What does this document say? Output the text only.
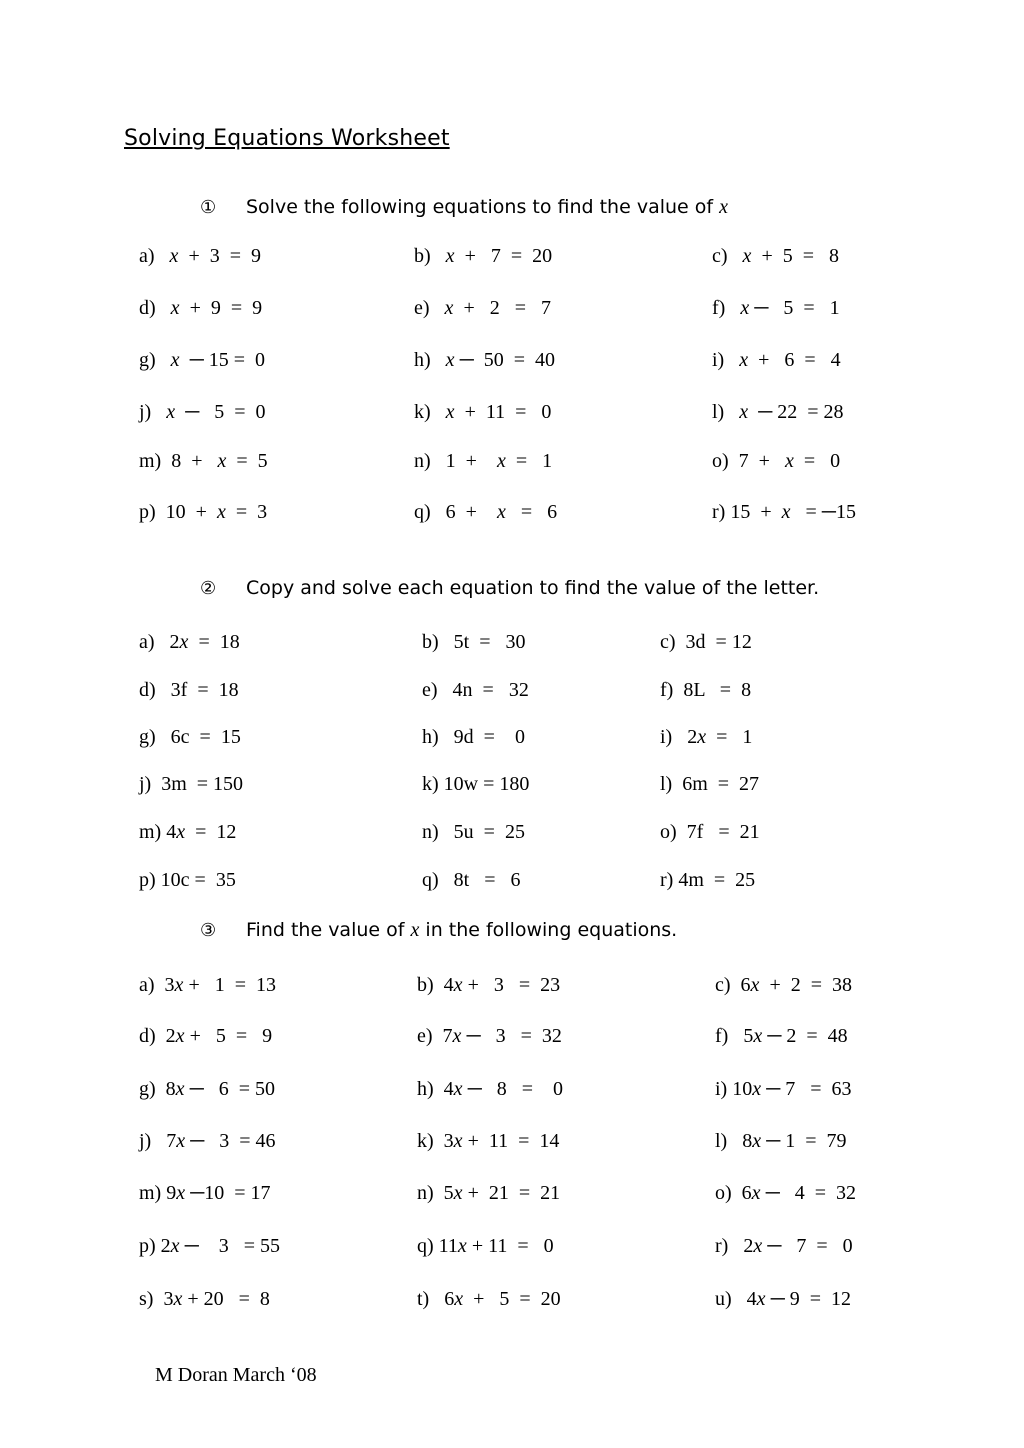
Solving Equations Worksheet
① Solve the following equations to find the value of x
a)   x  +  3  =  9	b)   x  +   7  =  20	c)   x  +  5  =   8
d)   x  +  9  =  9	e)   x  +   2   =   7	f)   x ─   5  =   1
g)   x  ─ 15 =  0	h)   x ─  50  =  40	i)   x  +   6  =   4
j)   x  ─   5  =  0	k)   x  +  11  =   0	l)   x  ─ 22  = 28
m)  8  +   x  =  5	n)   1  +    x  =   1	o)  7  +   x  =   0
p)  10  +  x  =  3	q)   6  +    x   =   6	r) 15  +  x   = ─15
② Copy and solve each equation to find the value of the letter.
a)   2x  =  18	b)   5t  =   30	c)  3d  = 12
d)   3f  =  18	e)   4n  =   32	f)  8L   =  8
g)   6c  =  15	h)   9d  =    0	i)   2x  =   1
j)  3m  = 150	k) 10w = 180	l)  6m  =  27
m) 4x  =  12	n)   5u  =  25	o)  7f   =  21
p) 10c =  35	q)   8t   =   6	r) 4m  =  25
③ Find the value of x in the following equations.
a)  3x +   1  =  13	b)  4x +   3   =  23	c)  6x  +  2  =  38
d)  2x +   5  =   9	e)  7x ─   3   =  32	f)   5x ─ 2  =  48
g)  8x ─   6  = 50	h)  4x ─   8   =    0	i) 10x ─ 7   =  63
j)   7x ─   3  = 46	k)  3x +  11  =  14	l)   8x ─ 1  =  79
m) 9x ─10  = 17	n)  5x +  21  =  21	o)  6x ─   4  =  32
p) 2x ─    3   = 55	q) 11x + 11  =   0	r)   2x ─   7  =   0
s)  3x + 20   =  8	t)   6x  +   5  =  20	u)   4x ─ 9  =  12
M Doran March ‘08
